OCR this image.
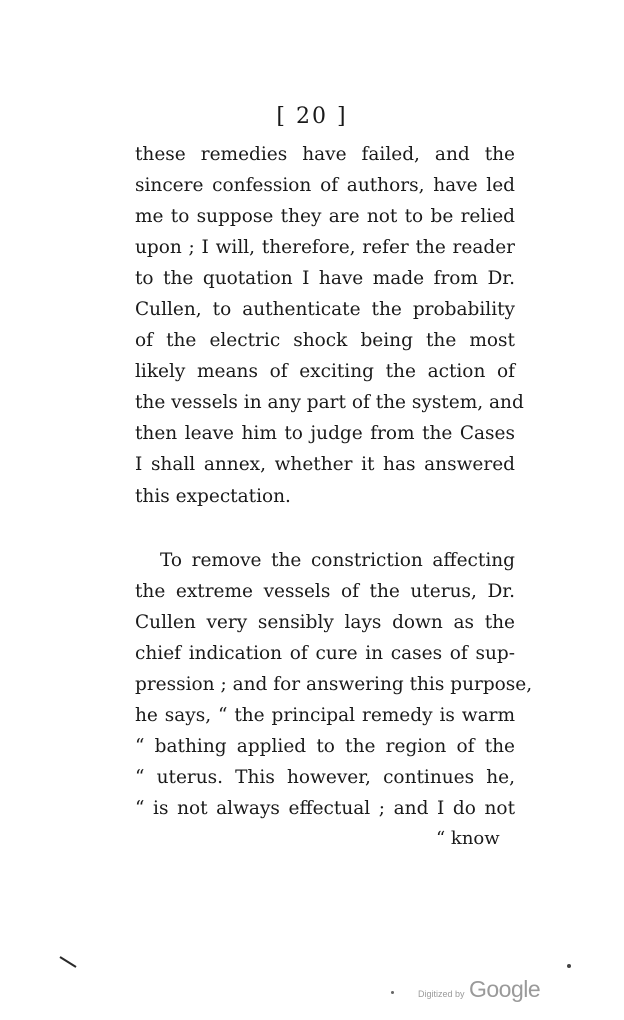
[ 20 ]
these remedies have failed, and the
sincere confession of authors, have led
me to suppose they are not to be relied
upon ; I will, therefore, refer the reader
to the quotation I have made from Dr.
Cullen, to authenticate the probability
of the electric shock being the most
likely means of exciting the action of
the vessels in any part of the system, and
then leave him to judge from the Cases
I shall annex, whether it has answered
this expectation.
To remove the constriction affecting
the extreme vessels of the uterus, Dr.
Cullen very sensibly lays down as the
chief indication of cure in cases of sup-
pression ; and for answering this purpose,
he says, “ the principal remedy is warm
“ bathing applied to the region of the
“ uterus. This however, continues he,
“ is not always effectual ; and I do not
“ know
Digitized by Google
